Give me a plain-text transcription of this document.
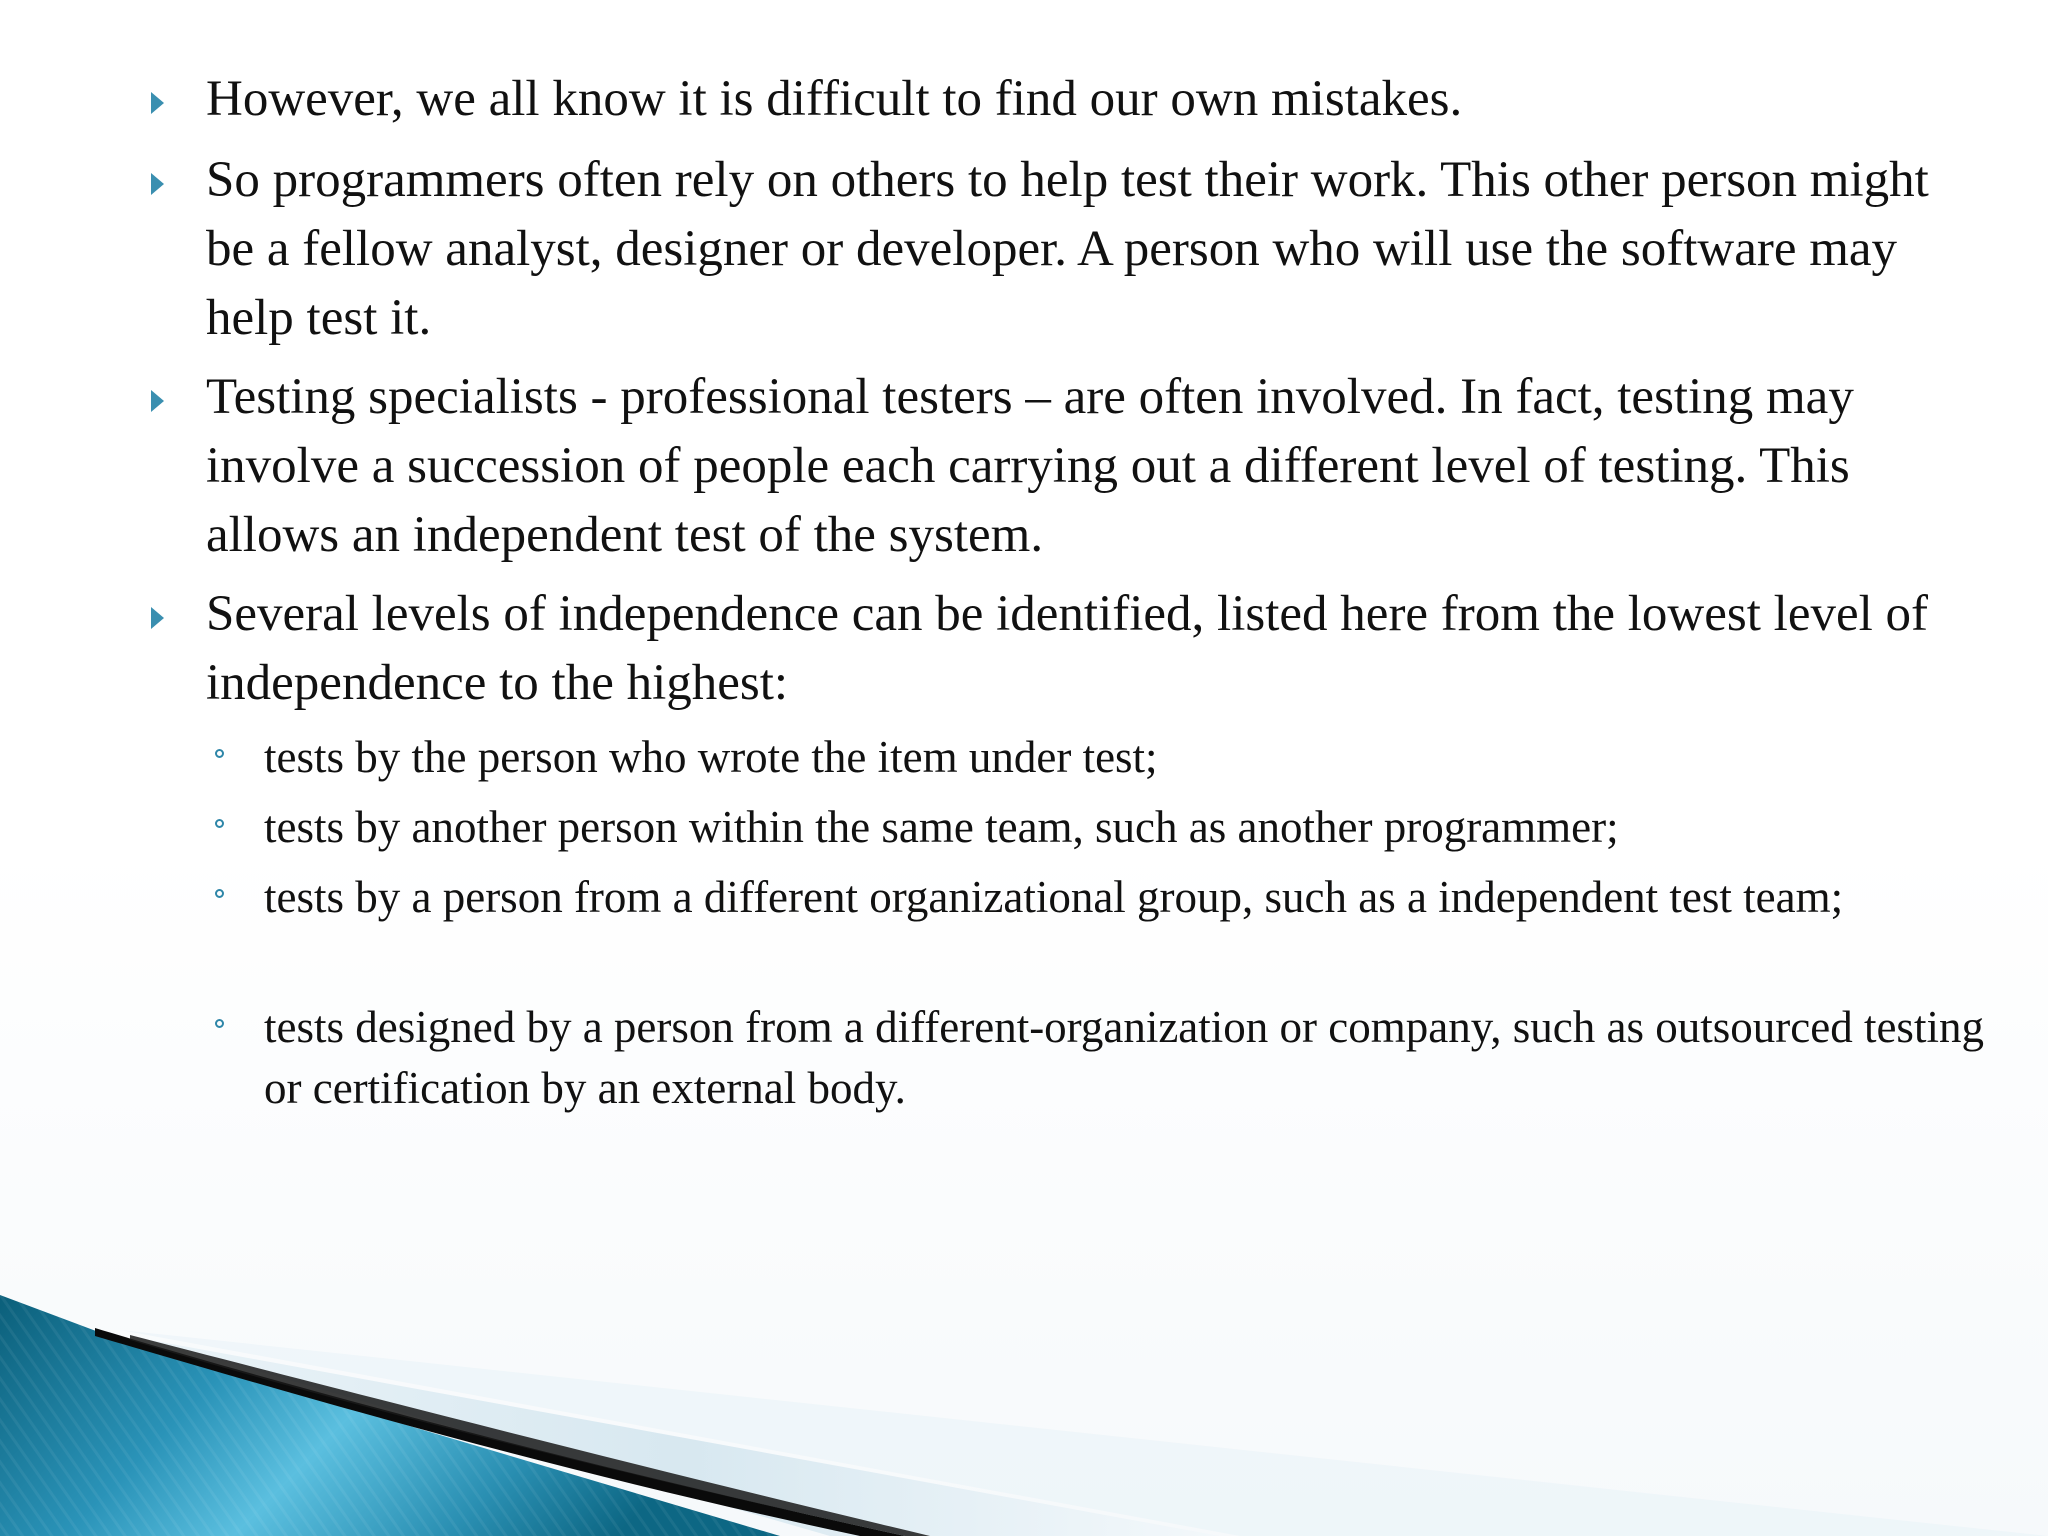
However, we all know it is difficult to find our own mistakes.
So programmers often rely on others to help test their work. This other person might be a fellow analyst, designer or developer. A person who will use the software may help test it.
Testing specialists - professional testers – are often involved. In fact, testing may involve a succession of people each carrying out a different level of testing. This allows an independent test of the system.
Several levels of independence can be identified, listed here from the lowest level of independence to the highest:
tests by the person who wrote the item under test;
tests by another person within the same team, such as another programmer;
tests by a person from a different organizational group, such as a independent test team;
tests designed by a person from a different-organization or company, such as outsourced testing or certification by an external body.
